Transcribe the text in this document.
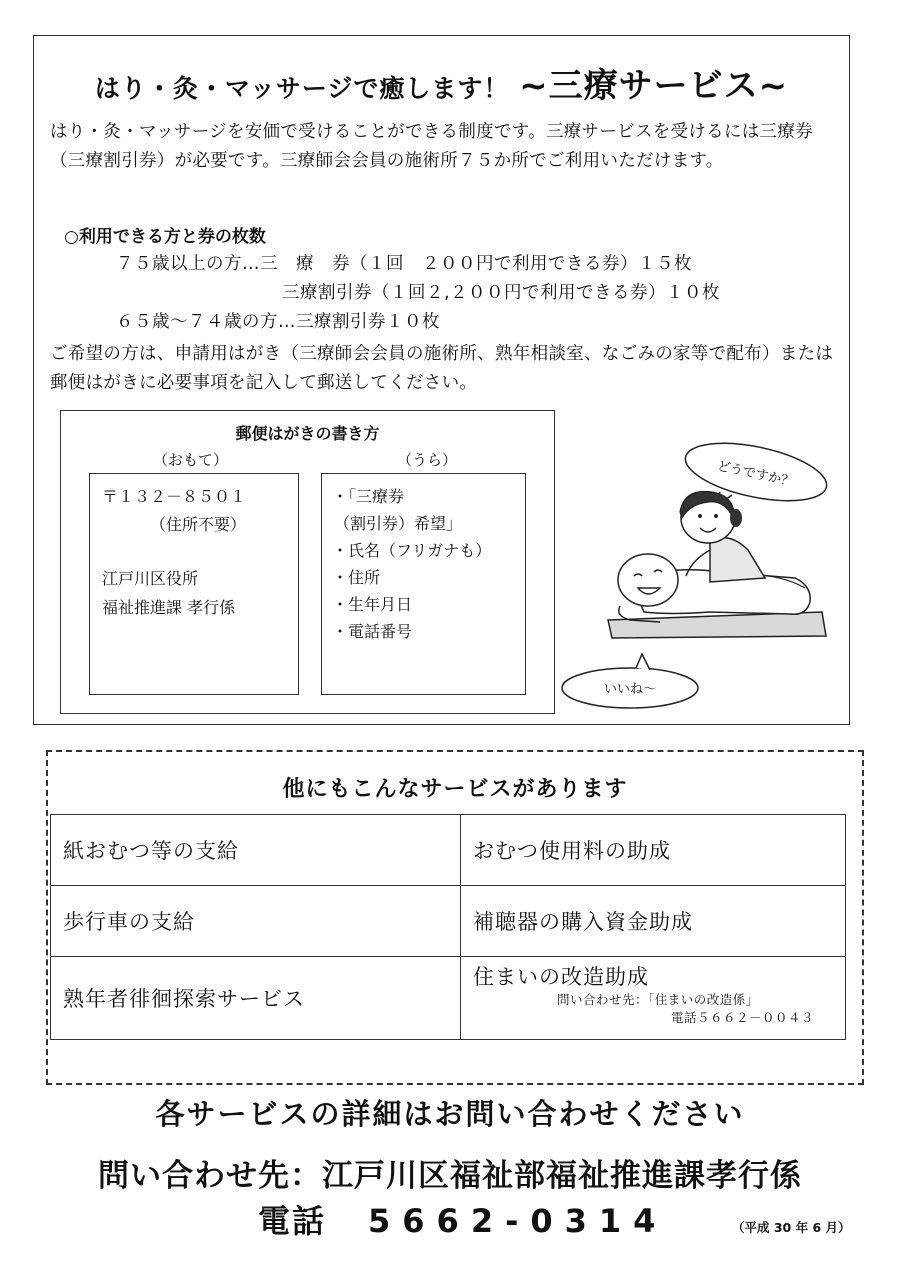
はり・灸・マッサージで癒します！ ~三療サービス~
はり・灸・マッサージを安価で受けることができる制度です。三療サービスを受けるには三療券（三療割引券）が必要です。三療師会会員の施術所７５か所でご利用いただけます。
○利用できる方と券の枚数
７５歳以上の方…三　療　券（１回　２００円で利用できる券）１５枚
三療割引券（１回２,２００円で利用できる券）１０枚
６５歳～７４歳の方…三療割引券１０枚
ご希望の方は、申請用はがき（三療師会会員の施術所、熟年相談室、なごみの家等で配布）または郵便はがきに必要事項を記入して郵送してください。
郵便はがきの書き方
（おもて）	（うら）
〒１３２－８５０１
（住所不要）
江戸川区役所
福祉推進課 孝行係
・「三療券
（割引券）希望」
・氏名（フリガナも）
・住所
・生年月日
・電話番号
どうですか？
いいね～
他にもこんなサービスがあります
紙おむつ等の支給	おむつ使用料の助成
歩行車の支給	補聴器の購入資金助成
熟年者徘徊探索サービス	住まいの改造助成
問い合わせ先：「住まいの改造係」
電話５６６２－００４３
各サービスの詳細はお問い合わせください
問い合わせ先：江戸川区福祉部福祉推進課孝行係
電話 5662-0314	（平成 30 年 6 月）
